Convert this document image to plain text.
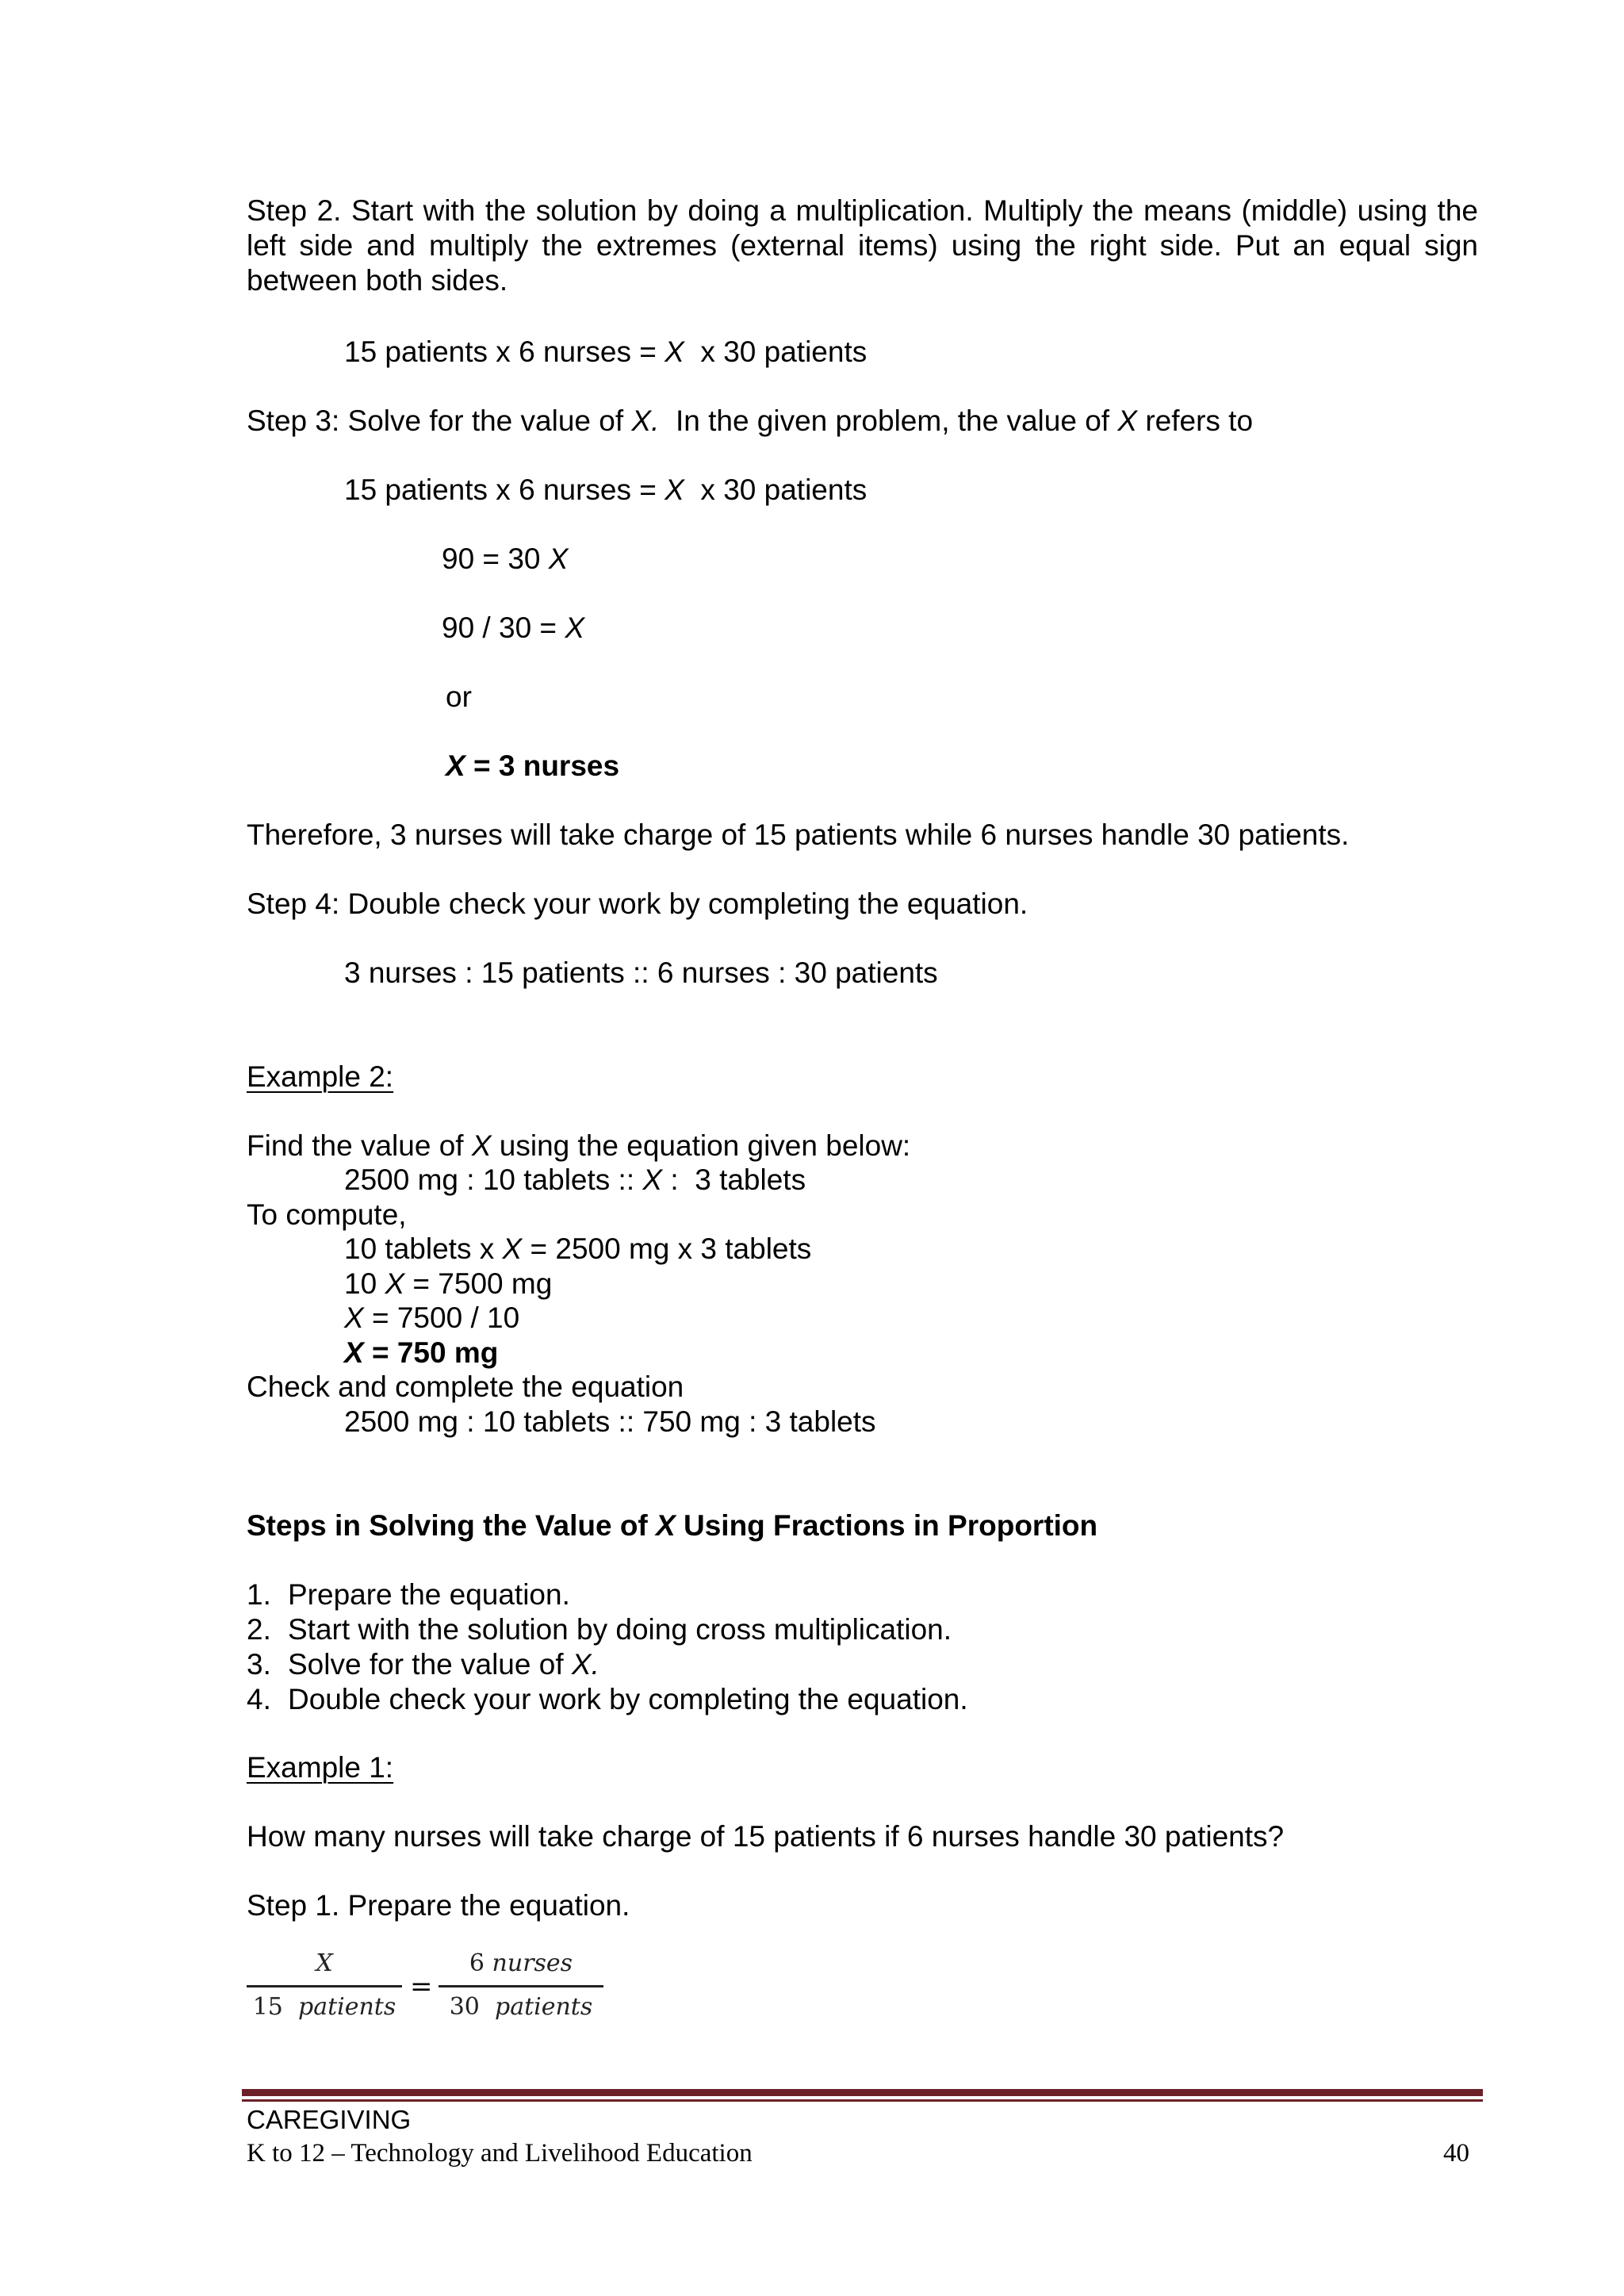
Step 2. Start with the solution by doing a multiplication. Multiply the means (middle) using the left side and multiply the extremes (external items) using the right side. Put an equal sign between both sides.
15 patients x 6 nurses = X  x 30 patients
Step 3: Solve for the value of X.  In the given problem, the value of X refers to
15 patients x 6 nurses = X  x 30 patients
90 = 30 X
90 / 30 = X
or
X = 3 nurses
Therefore, 3 nurses will take charge of 15 patients while 6 nurses handle 30 patients.
Step 4: Double check your work by completing the equation.
3 nurses : 15 patients :: 6 nurses : 30 patients
Example 2:
Find the value of X using the equation given below:
2500 mg : 10 tablets :: X :  3 tablets
To compute,
10 tablets x X = 2500 mg x 3 tablets
10 X = 7500 mg
X = 7500 / 10
X = 750 mg
Check and complete the equation
2500 mg : 10 tablets :: 750 mg : 3 tablets
Steps in Solving the Value of X Using Fractions in Proportion
1. Prepare the equation.
2. Start with the solution by doing cross multiplication.
3. Solve for the value of X.
4. Double check your work by completing the equation.
Example 1:
How many nurses will take charge of 15 patients if 6 nurses handle 30 patients?
Step 1. Prepare the equation.
X
15 patients
=
6 nurses
30 patients
CAREGIVING
K to 12 – Technology and Livelihood Education	40
